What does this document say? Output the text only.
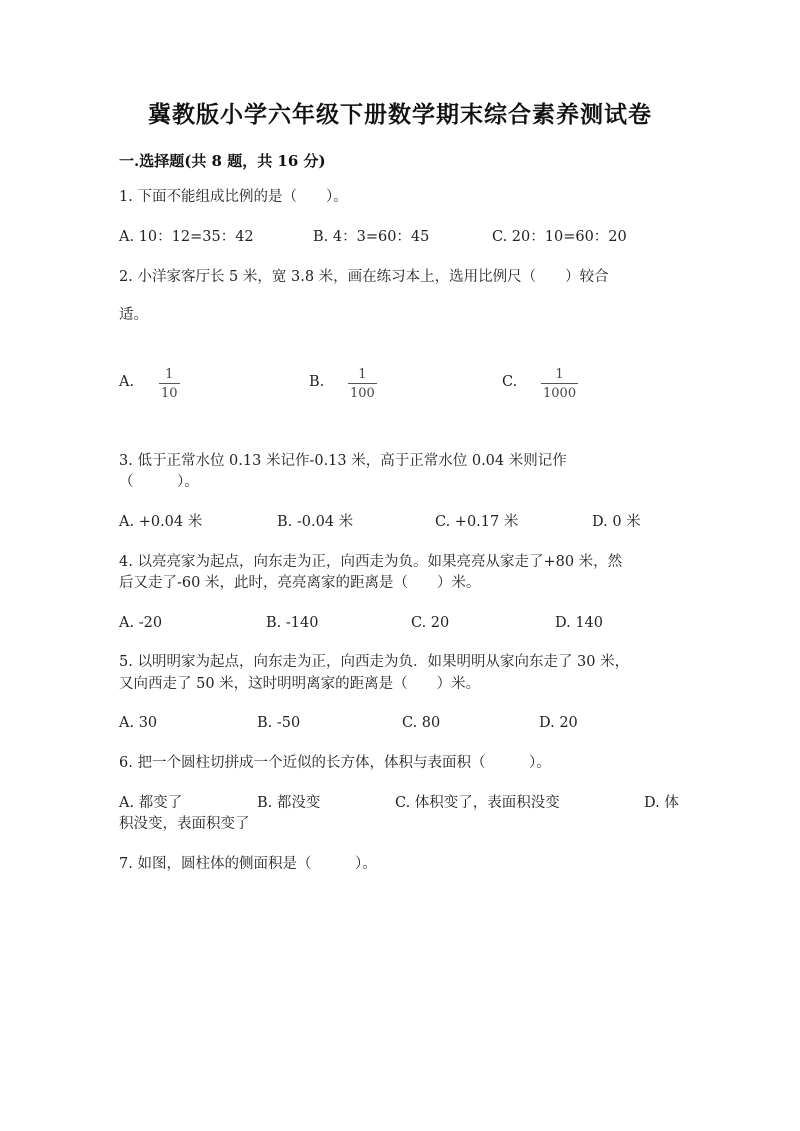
冀教版小学六年级下册数学期末综合素养测试卷
一.选择题(共 8 题，共 16 分)
1. 下面不能组成比例的是（　　）。
A. 10：12=35：42	B. 4：3=60：45	C. 20：10=60：20
2. 小洋家客厅长 5 米，宽 3.8 米，画在练习本上，选用比例尺（　　）较合
适。
A. 1
10
B.	1
100
C.	1
1000
3. 低于正常水位 0.13 米记作-0.13 米，高于正常水位 0.04 米则记作
（　　　）。
A. +0.04 米	B. -0.04 米	C. +0.17 米	D. 0 米
4. 以亮亮家为起点，向东走为正，向西走为负。如果亮亮从家走了+80 米，然
后又走了-60 米，此时，亮亮离家的距离是（　　）米。
A. -20	B. -140	C. 20	D. 140
5. 以明明家为起点，向东走为正，向西走为负．如果明明从家向东走了 30 米，
又向西走了 50 米，这时明明离家的距离是（　　）米。
A. 30	B. -50	C. 80	D. 20
6. 把一个圆柱切拼成一个近似的长方体，体积与表面积（　　　）。
A. 都变了	B. 都没变	C. 体积变了，表面积没变	D. 体
积没变，表面积变了
7. 如图，圆柱体的侧面积是（　　　）。
